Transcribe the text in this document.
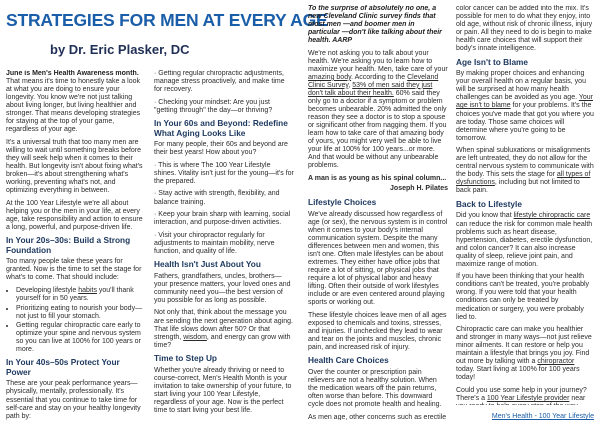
STRATEGIES FOR MEN AT EVERY AGE
by Dr. Eric Plasker, DC

June is Men's Health Awareness month. That means it's time to honestly take a look at what you are doing to ensure your longevity. You know we're not just talking about living longer, but living healthier and stronger. That means developing strategies for staying at the top of your game, regardless of your age.

It's a universal truth that too many men are willing to wait until something breaks before they will seek help when it comes to their health. But longevity isn't about fixing what's broken—it's about strengthening what's working, preventing what's not, and optimizing everything in between.

At the 100 Year Lifestyle we're all about helping you or the men in your life, at every age, take responsibility and action to ensure a long, powerful, and purpose-driven life.

In Your 20s–30s: Build a Strong Foundation

Too many people take these years for granted. Now is the time to set the stage for what's to come. That should include:

• Developing lifestyle habits you'll thank yourself for in 50 years.
• Prioritizing eating to nourish your body—not just to fill your stomach.
• Getting regular chiropractic care early to optimize your spine and nervous system so you can live at 100% for 100 years or more.
In Your 40s–50s Protect Your Power

These are your peak performance years—physically, mentally, professionally. It's essential that you continue to take time for self-care and stay on your healthy longevity path by:

· Getting regular chiropractic adjustments, manage stress proactively, and make time for recovery.

· Checking your mindset: Are you just "getting through" the day—or thriving?

In Your 60s and Beyond: Redefine What Aging Looks Like

For many people, their 60s and beyond are their best years! How about you?

· This is where The 100 Year Lifestyle shines. Vitality isn't just for the young—it's for the prepared.

· Stay active with strength, flexibility, and balance training.

· Keep your brain sharp with learning, social interaction, and purpose-driven activities.

· Visit your chiropractor regularly for adjustments to maintain mobility, nerve function, and quality of life.

Health Isn't Just About You

Fathers, grandfathers, uncles, brothers—your presence matters, your loved ones and community need you—the best version of you possible for as long as possible.

Not only that, think about the message you are sending the next generation about aging. That life slows down after 50? Or that strength, wisdom, and energy can grow with time?

Time to Step Up

Whether you're already thriving or need to course-correct, Men's Health Month is your invitation to take ownership of your future, to start living your 100 Year Lifestyle, regardless of your age. Now is the perfect time to start living your best life.

To the surprise of absolutely no one, a new Cleveland Clinic survey finds that most men —and boomer men in particular —don't like talking about their health. AARP

We're not asking you to talk about your health. We're asking you to learn how to maximize your health. Men, take care of your amazing body. According to the Cleveland Clinic Survey, 53% of men said they just don't talk about their health. 60% said they only go to a doctor if a symptom or problem becomes unbearable. 20% admitted the only reason they see a doctor is to stop a spouse or significant other from nagging them. If you learn how to take care of that amazing body of yours, you might very well be able to live your life at 100% for 100 years...or more. And that would be without any unbearable problems.

A man is as young as his spinal column...

Joseph H. Pilates

Lifestyle Choices

We've already discussed how regardless of age (or sex), the nervous system is in control when it comes to your body's internal communication system. Despite the many differences between men and women, this isn't one. Often male lifestyles can be about extremes. They either have office jobs that require a lot of sitting, or physical jobs that require a lot of physical labor and heavy lifting. Often their outside of work lifestyles include or are even centered around playing sports or working out.

These lifestyle choices leave men of all ages exposed to chemicals and toxins, stresses, and injuries. If unchecked they lead to wear and tear on the joints and muscles, chronic pain, and increased risk of injury.

Health Care Choices

Over the counter or prescription pain relievers are not a healthy solution. When the medication wears off the pain returns, often worse than before. This downward cycle does not promote health and healing.

As men age, other concerns such as erectile

color cancer can be added into the mix. It's possible for men to do what they enjoy, into old age, without risk of chronic illness, injury or pain. All they need to do is begin to make health care choices that will support their body's innate intelligence.

Age Isn't to Blame

By making proper choices and enhancing your overall health on a regular basis, you will be surprised at how many health challenges can be avoided as you age. Your age isn't to blame for your problems. It's the choices you've made that got you where you are today. Those same choices will determine where you're going to be tomorrow.

When spinal subluxations or misalignments are left untreated, they do not allow for the central nervous system to communicate with the body. This sets the stage for all types of dysfunctions, including but not limited to back pain.

Back to Lifestyle

Did you know that lifestyle chiropractic care can reduce the risk for common male health problems such as heart disease, hypertension, diabetes, erectile dysfunction, and colon cancer? It can also increase quality of sleep, relieve joint pain, and maximize range of motion.

If you have been thinking that your health conditions can't be treated, you're probably wrong. If you were told that your health conditions can only be treated by medication or surgery, you were probably lied to.

Chiropractic care can make you healthier and stronger in many ways—not just relieve minor ailments. It can restore or help you maintain a lifestyle that brings you joy. Find out more by talking with a chiropractor today. Start living at 100% for 100 years today!

Could you use some help in your journey? There's a 100 Year Lifestyle provider near

Men's Health - 100 Year Lifestyle
